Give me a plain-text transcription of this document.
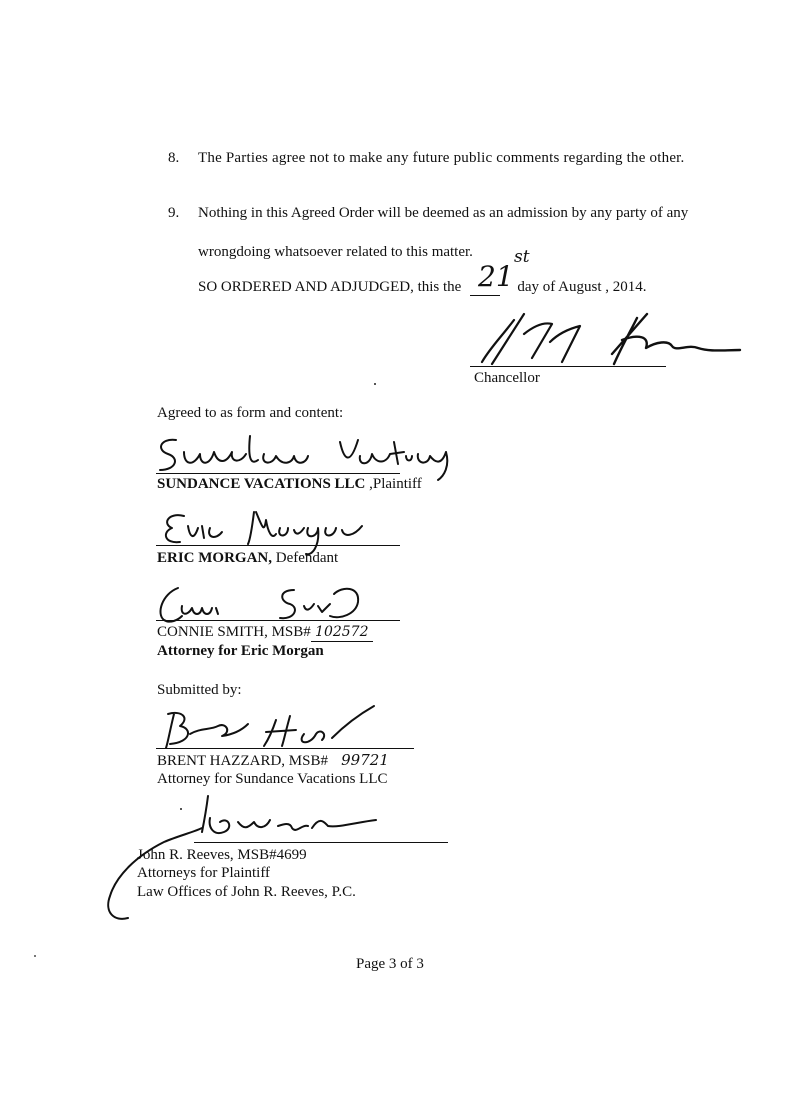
8. The Parties agree not to make any future public comments regarding the other.
9. Nothing in this Agreed Order will be deemed as an admission by any party of any
wrongdoing whatsoever related to this matter.
SO ORDERED AND ADJUDGED, this the	day of August , 2014.
21
st
Chancellor
Agreed to as form and content:
SUNDANCE VACATIONS LLC ,Plaintiff
ERIC MORGAN, Defendant
CONNIE SMITH, MSB# 102572
Attorney for Eric Morgan
Submitted by:
BRENT HAZZARD, MSB# 99721
Attorney for Sundance Vacations LLC
John R. Reeves, MSB#4699
Attorneys for Plaintiff
Law Offices of John R. Reeves, P.C.
Page 3 of 3
